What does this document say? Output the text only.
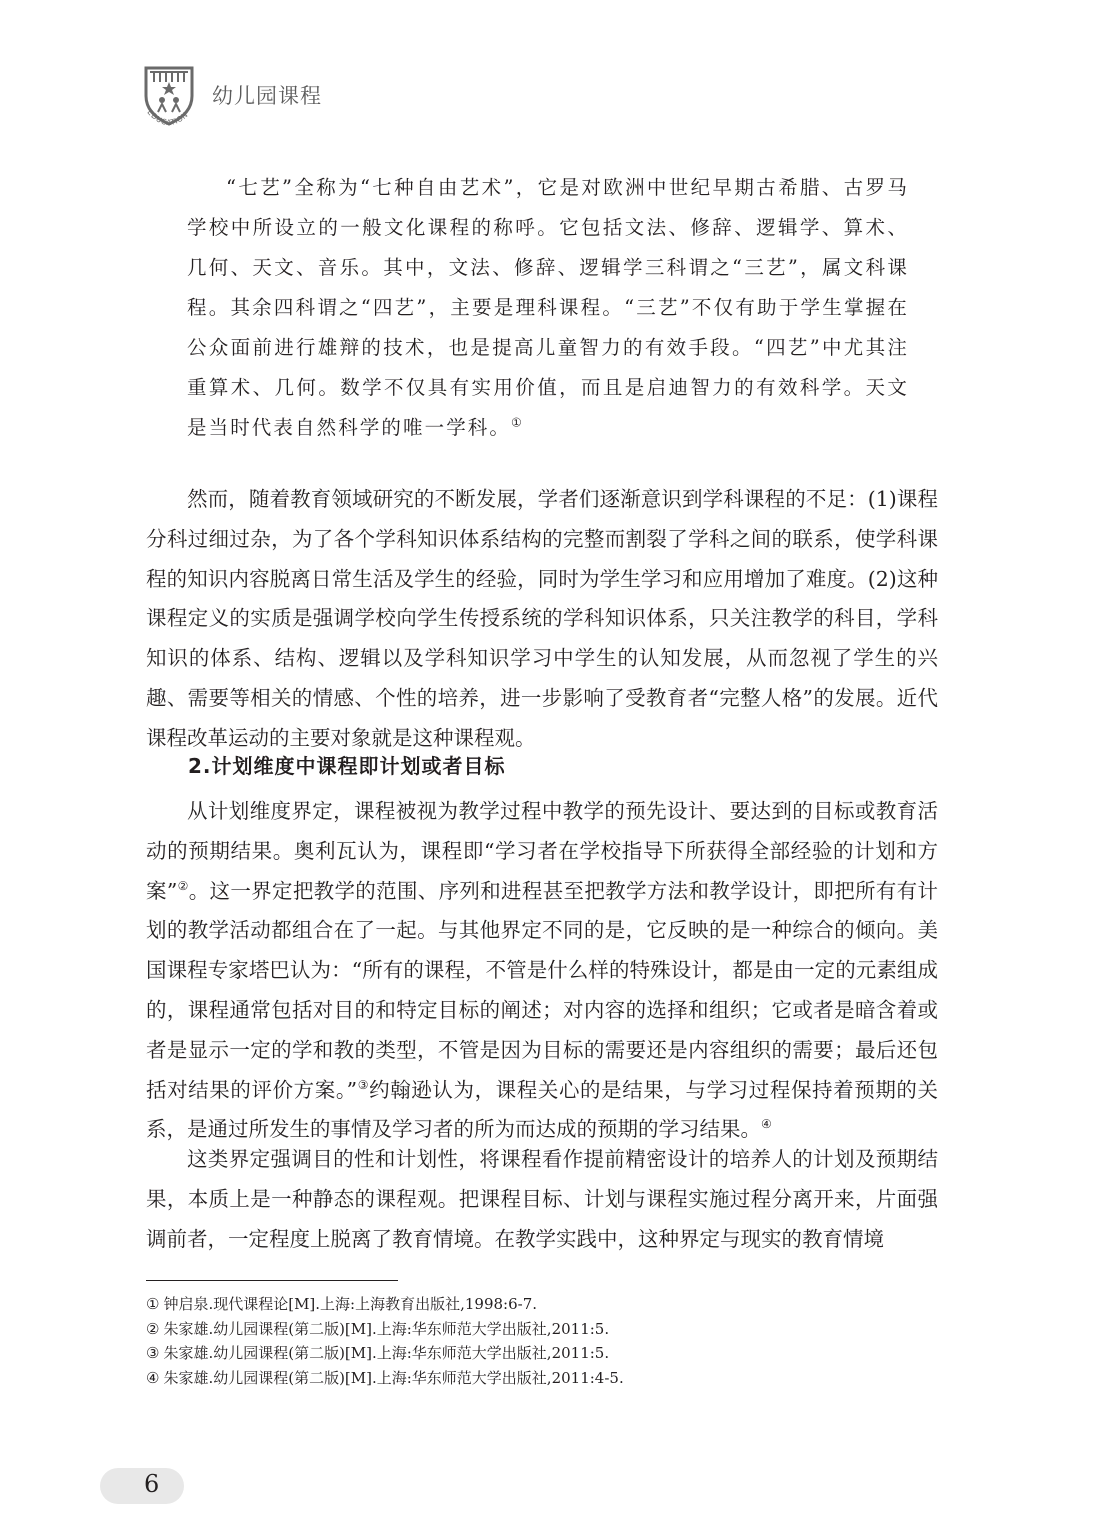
EDUCATION
幼儿园课程

“七艺”全称为“七种自由艺术”，它是对欧洲中世纪早期古希腊、古罗马学校中所设立的一般文化课程的称呼。它包括文法、修辞、逻辑学、算术、几何、天文、音乐。其中，文法、修辞、逻辑学三科谓之“三艺”，属文科课程。其余四科谓之“四艺”，主要是理科课程。“三艺”不仅有助于学生掌握在公众面前进行雄辩的技术，也是提高儿童智力的有效手段。“四艺”中尤其注重算术、几何。数学不仅具有实用价值，而且是启迪智力的有效科学。天文是当时代表自然科学的唯一学科。①

然而，随着教育领域研究的不断发展，学者们逐渐意识到学科课程的不足：(1)课程分科过细过杂，为了各个学科知识体系结构的完整而割裂了学科之间的联系，使学科课程的知识内容脱离日常生活及学生的经验，同时为学生学习和应用增加了难度。(2)这种课程定义的实质是强调学校向学生传授系统的学科知识体系，只关注教学的科目，学科知识的体系、结构、逻辑以及学科知识学习中学生的认知发展，从而忽视了学生的兴趣、需要等相关的情感、个性的培养，进一步影响了受教育者“完整人格”的发展。近代课程改革运动的主要对象就是这种课程观。

2.计划维度中课程即计划或者目标

从计划维度界定，课程被视为教学过程中教学的预先设计、要达到的目标或教育活动的预期结果。奥利瓦认为，课程即“学习者在学校指导下所获得全部经验的计划和方案”②。这一界定把教学的范围、序列和进程甚至把教学方法和教学设计，即把所有有计划的教学活动都组合在了一起。与其他界定不同的是，它反映的是一种综合的倾向。美国课程专家塔巴认为：“所有的课程，不管是什么样的特殊设计，都是由一定的元素组成的，课程通常包括对目的和特定目标的阐述；对内容的选择和组织；它或者是暗含着或者是显示一定的学和教的类型，不管是因为目标的需要还是内容组织的需要；最后还包括对结果的评价方案。”③约翰逊认为，课程关心的是结果，与学习过程保持着预期的关系，是通过所发生的事情及学习者的所为而达成的预期的学习结果。④

这类界定强调目的性和计划性，将课程看作提前精密设计的培养人的计划及预期结果，本质上是一种静态的课程观。把课程目标、计划与课程实施过程分离开来，片面强调前者，一定程度上脱离了教育情境。在教学实践中，这种界定与现实的教育情境

① 钟启泉.现代课程论[M].上海:上海教育出版社,1998:6-7.
② 朱家雄.幼儿园课程(第二版)[M].上海:华东师范大学出版社,2011:5.
③ 朱家雄.幼儿园课程(第二版)[M].上海:华东师范大学出版社,2011:5.
④ 朱家雄.幼儿园课程(第二版)[M].上海:华东师范大学出版社,2011:4-5.
6
